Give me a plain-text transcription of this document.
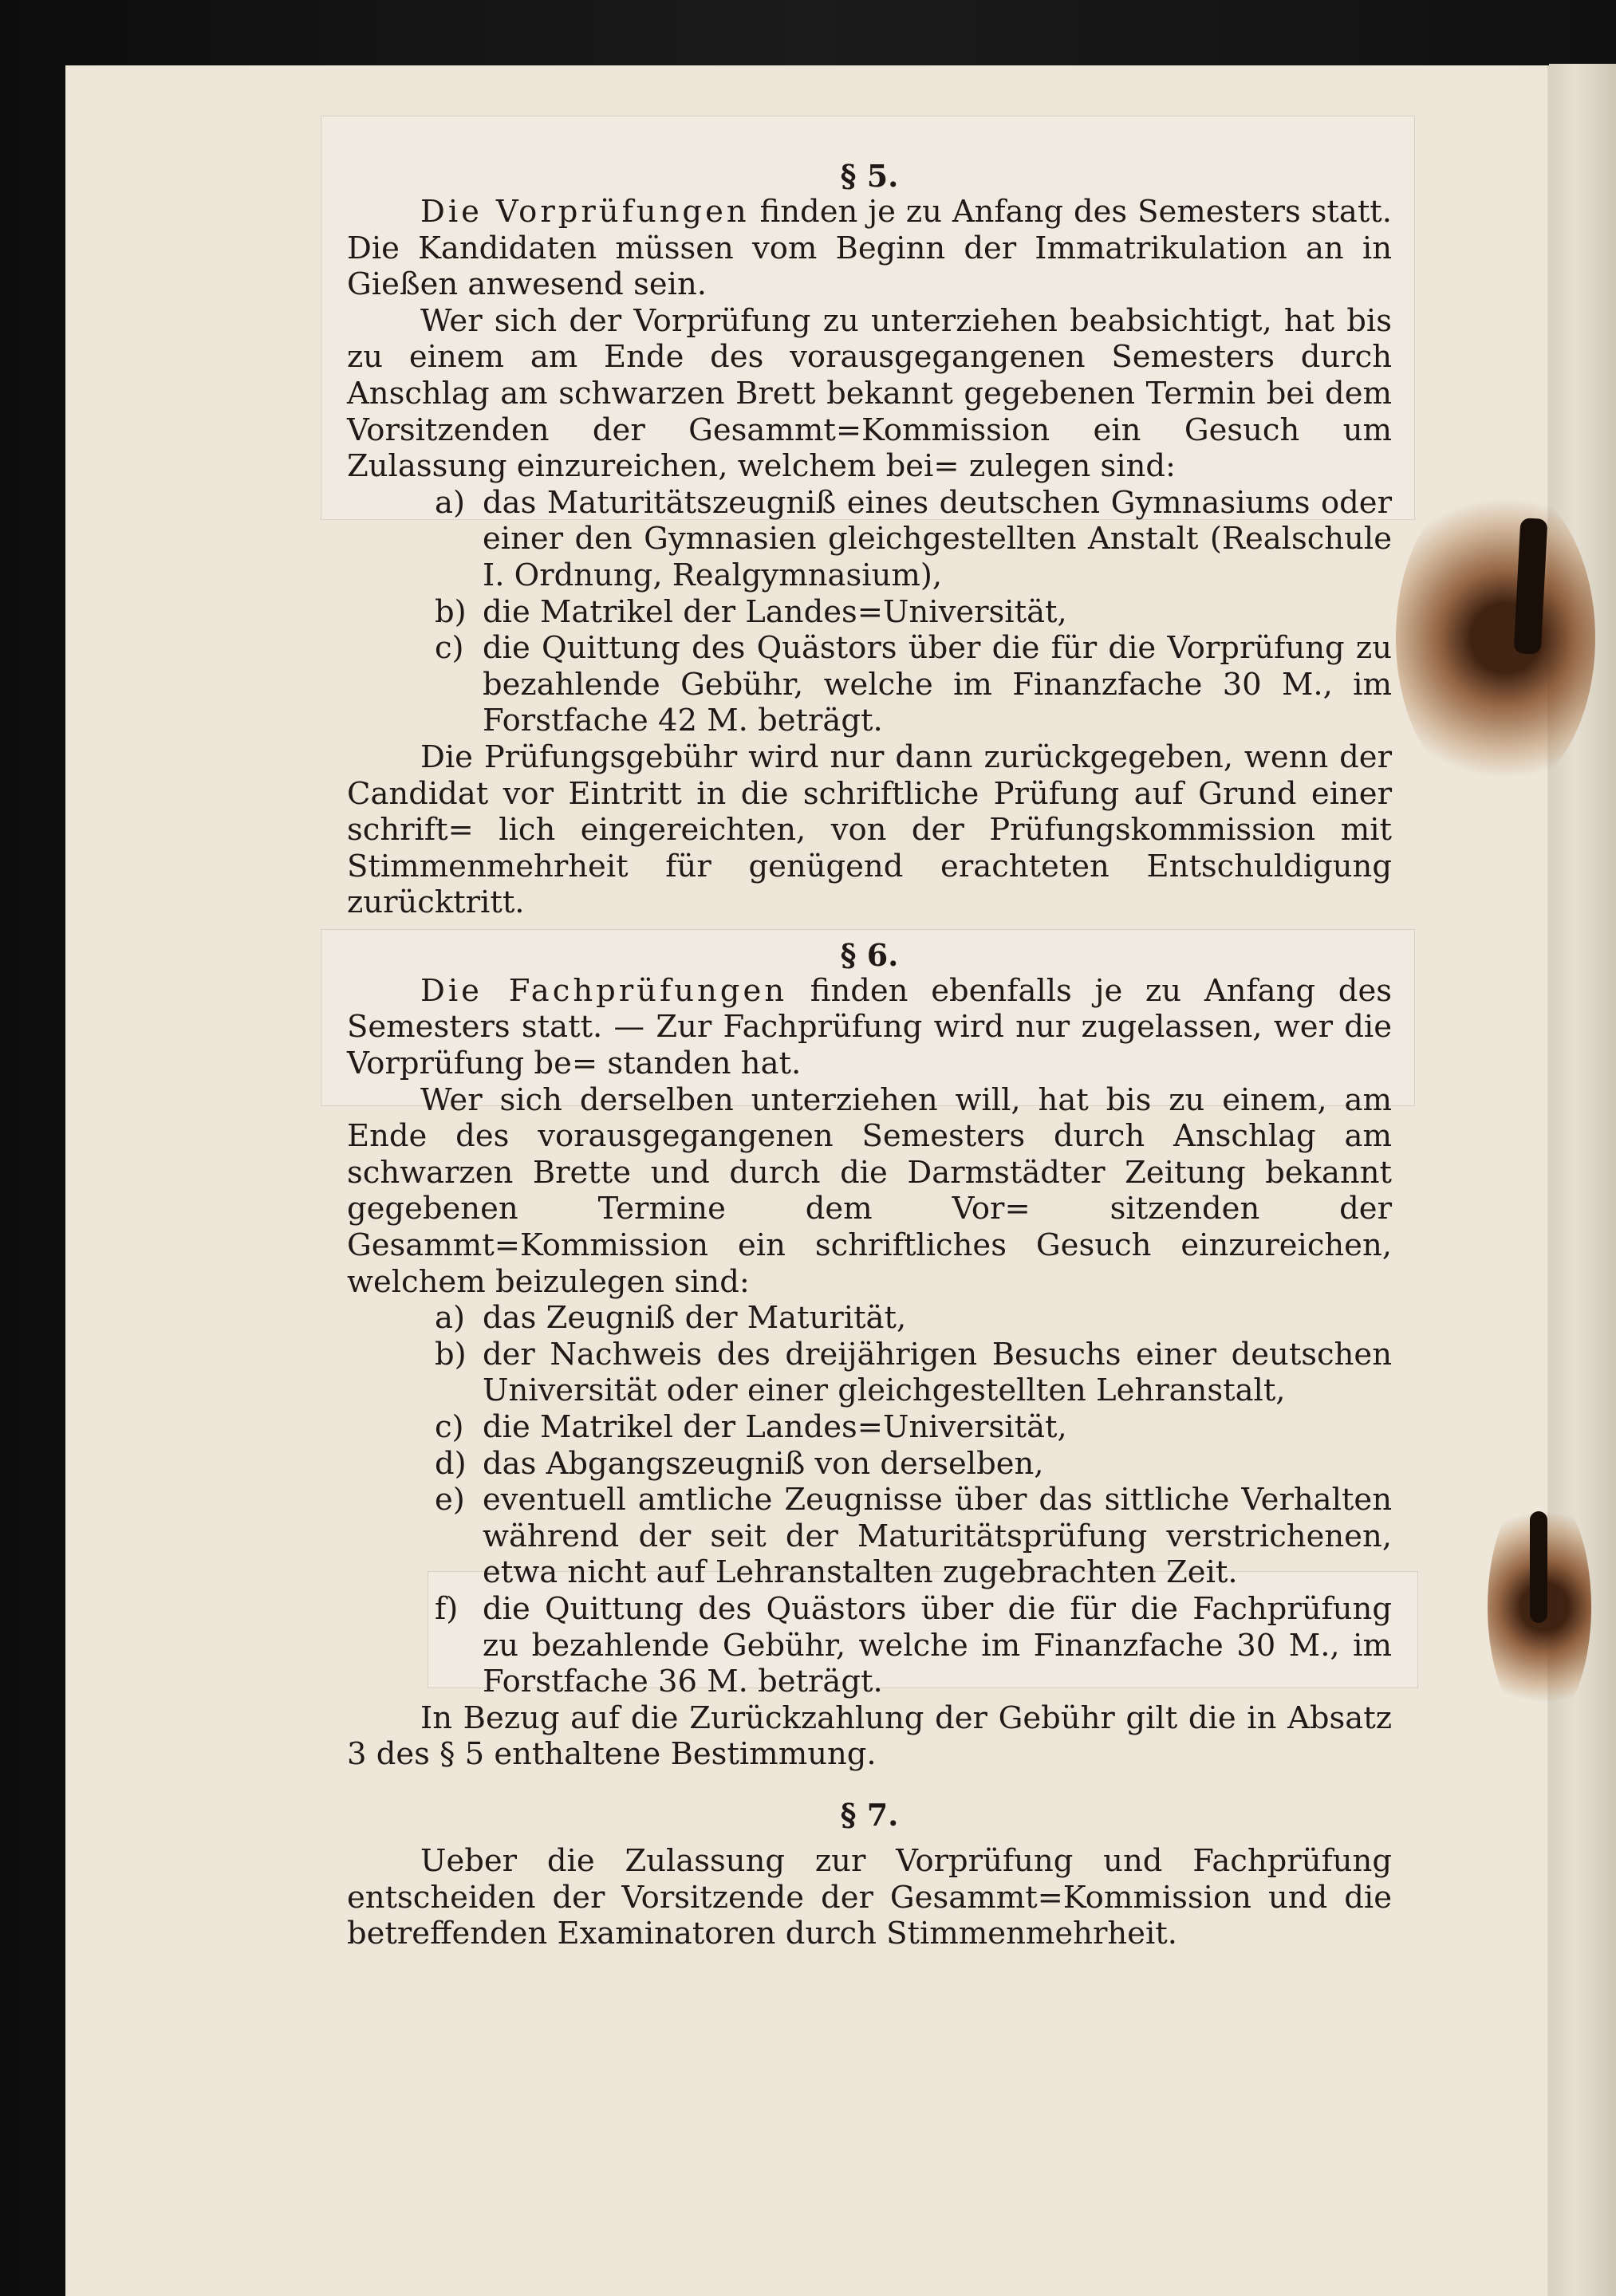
§ 5.

Die Vorprüfungen finden je zu Anfang des Semesters statt. Die Kandidaten müssen vom Beginn der Immatrikulation an in Gießen anwesend sein.

Wer sich der Vorprüfung zu unterziehen beabsichtigt, hat bis zu einem am Ende des vorausgegangenen Semesters durch Anschlag am schwarzen Brett bekannt gegebenen Termin bei dem Vorsitzenden der Gesammt=Kommission ein Gesuch um Zulassung einzureichen, welchem bei= zulegen sind:

a) das Maturitätszeugniß eines deutschen Gymnasiums oder einer den Gymnasien gleichgestellten Anstalt (Realschule I. Ordnung, Realgymnasium),
b) die Matrikel der Landes=Universität,
c) die Quittung des Quästors über die für die Vorprüfung zu bezahlende Gebühr, welche im Finanzfache 30 M., im Forstfache 42 M. beträgt.

Die Prüfungsgebühr wird nur dann zurückgegeben, wenn der Candidat vor Eintritt in die schriftliche Prüfung auf Grund einer schrift= lich eingereichten, von der Prüfungskommission mit Stimmenmehrheit für genügend erachteten Entschuldigung zurücktritt.

§ 6.

Die Fachprüfungen finden ebenfalls je zu Anfang des Semesters statt. — Zur Fachprüfung wird nur zugelassen, wer die Vorprüfung be= standen hat.

Wer sich derselben unterziehen will, hat bis zu einem, am Ende des vorausgegangenen Semesters durch Anschlag am schwarzen Brette und durch die Darmstädter Zeitung bekannt gegebenen Termine dem Vor= sitzenden der Gesammt=Kommission ein schriftliches Gesuch einzureichen, welchem beizulegen sind:

a) das Zeugniß der Maturität,
b) der Nachweis des dreijährigen Besuchs einer deutschen Universität oder einer gleichgestellten Lehranstalt,
c) die Matrikel der Landes=Universität,
d) das Abgangszeugniß von derselben,
e) eventuell amtliche Zeugnisse über das sittliche Verhalten während der seit der Maturitätsprüfung verstrichenen, etwa nicht auf Lehranstalten zugebrachten Zeit.
f) die Quittung des Quästors über die für die Fachprüfung zu bezahlende Gebühr, welche im Finanzfache 30 M., im Forstfache 36 M. beträgt.

In Bezug auf die Zurückzahlung der Gebühr gilt die in Absatz 3 des § 5 enthaltene Bestimmung.

§ 7.

Ueber die Zulassung zur Vorprüfung und Fachprüfung entscheiden der Vorsitzende der Gesammt=Kommission und die betreffenden Examinatoren durch Stimmenmehrheit.
